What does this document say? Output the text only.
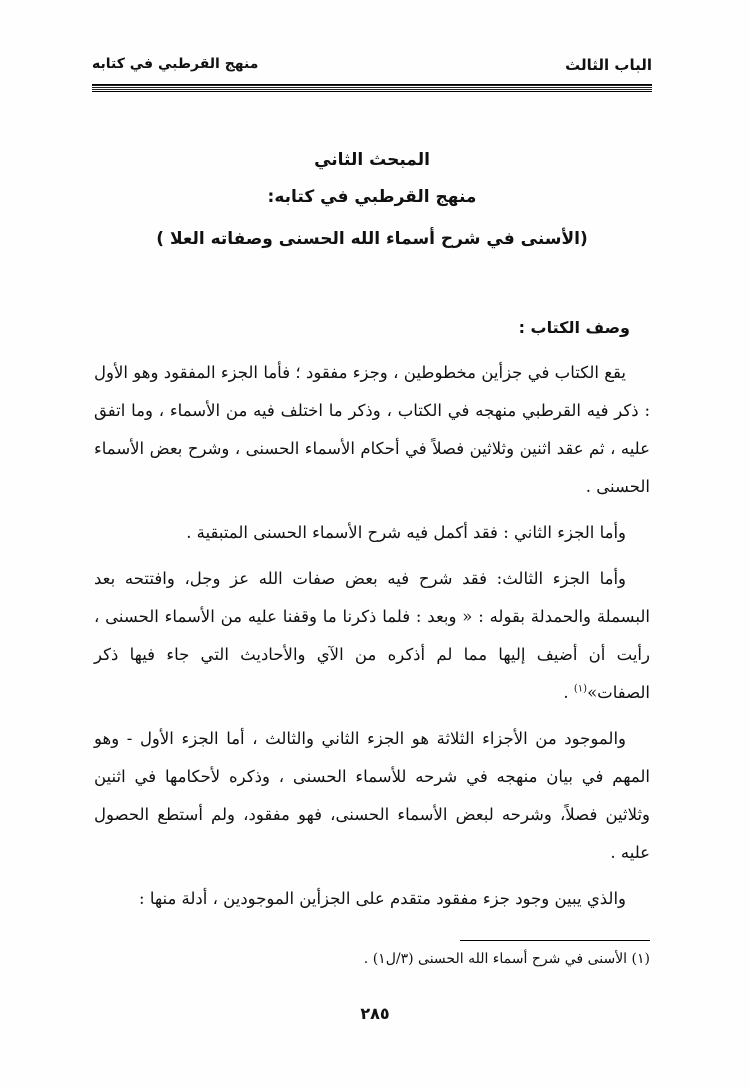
الباب الثالث
منهج القرطبي في كتابه
المبحث الثاني
منهج القرطبي في كتابه:
(الأسنى في شرح أسماء الله الحسنى وصفاته العلا )
وصف الكتاب :

يقع الكتاب في جزأين مخطوطين ، وجزء مفقود ؛ فأما الجزء المفقود وهو الأول : ذكر فيه القرطبي منهجه في الكتاب ، وذكر ما اختلف فيه من الأسماء ، وما اتفق عليه ، ثم عقد اثنين وثلاثين فصلاً في أحكام الأسماء الحسنى ، وشرح بعض الأسماء الحسنى .

وأما الجزء الثاني : فقد أكمل فيه شرح الأسماء الحسنى المتبقية .

وأما الجزء الثالث: فقد شرح فيه بعض صفات الله عز وجل، وافتتحه بعد البسملة والحمدلة بقوله : « وبعد : فلما ذكرنا ما وقفنا عليه من الأسماء الحسنى ، رأيت أن أضيف إليها مما لم أذكره من الآي والأحاديث التي جاء فيها ذكر الصفات»$^{(١)}$ .

والموجود من الأجزاء الثلاثة هو الجزء الثاني والثالث ، أما الجزء الأول - وهو المهم في بيان منهجه في شرحه للأسماء الحسنى ، وذكره لأحكامها في اثنين وثلاثين فصلاً، وشرحه لبعض الأسماء الحسنى، فهو مفقود، ولم أستطع الحصول عليه .

والذي يبين وجود جزء مفقود متقدم على الجزأين الموجودين ، أدلة منها :

(١) الأسنى في شرح أسماء الله الحسنى (٣/ل١) .
٢٨٥
